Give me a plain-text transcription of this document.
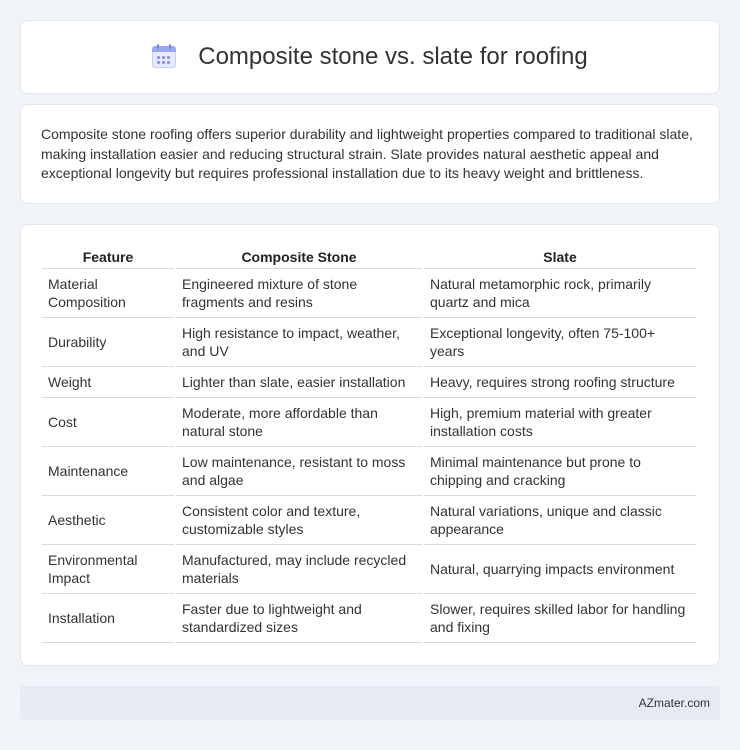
Composite stone vs. slate for roofing

Composite stone roofing offers superior durability and lightweight properties compared to traditional slate, making installation easier and reducing structural strain. Slate provides natural aesthetic appeal and exceptional longevity but requires professional installation due to its heavy weight and brittleness.

Feature	Composite Stone	Slate
Material Composition	Engineered mixture of stone fragments and resins	Natural metamorphic rock, primarily quartz and mica
Durability	High resistance to impact, weather, and UV	Exceptional longevity, often 75-100+ years
Weight	Lighter than slate, easier installation	Heavy, requires strong roofing structure
Cost	Moderate, more affordable than natural stone	High, premium material with greater installation costs
Maintenance	Low maintenance, resistant to moss and algae	Minimal maintenance but prone to chipping and cracking
Aesthetic	Consistent color and texture, customizable styles	Natural variations, unique and classic appearance
Environmental Impact	Manufactured, may include recycled materials	Natural, quarrying impacts environment
Installation	Faster due to lightweight and standardized sizes	Slower, requires skilled labor for handling and fixing
AZmater.com
